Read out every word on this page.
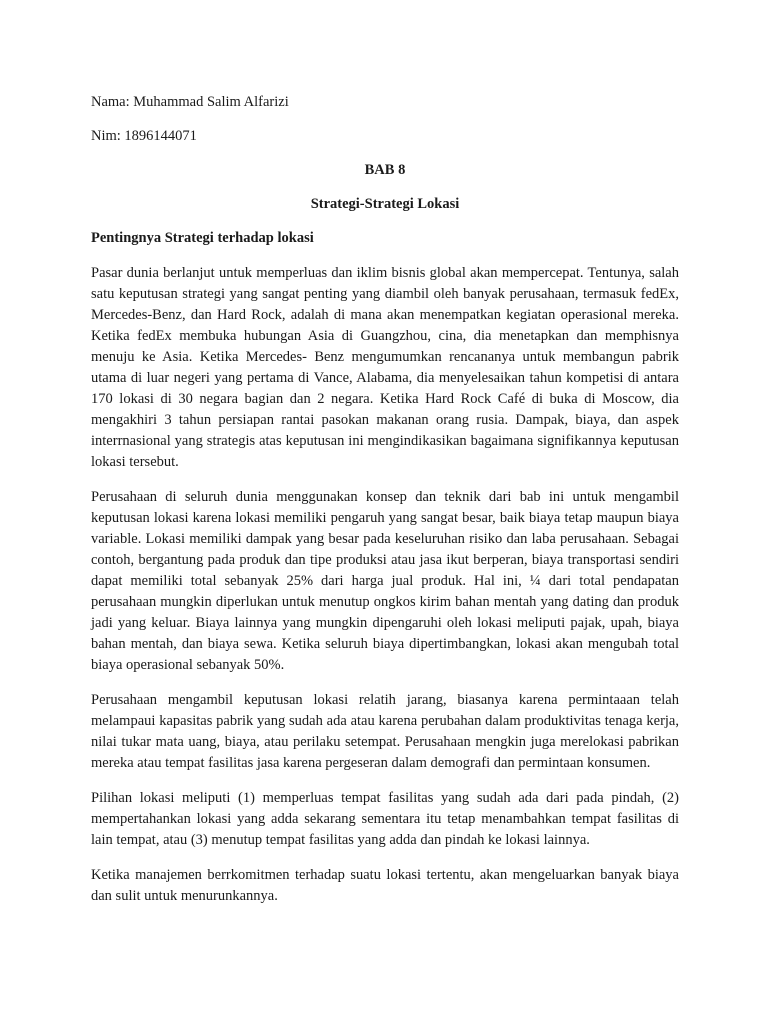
Nama: Muhammad Salim Alfarizi

Nim: 1896144071

BAB 8

Strategi-Strategi Lokasi

Pentingnya Strategi terhadap lokasi

Pasar dunia berlanjut untuk memperluas dan iklim bisnis global akan mempercepat. Tentunya, salah satu keputusan strategi yang sangat penting yang diambil oleh banyak perusahaan, termasuk fedEx, Mercedes-Benz, dan Hard Rock, adalah di mana akan menempatkan kegiatan operasional mereka. Ketika fedEx membuka hubungan Asia di Guangzhou, cina, dia menetapkan dan memphisnya menuju ke Asia. Ketika Mercedes- Benz mengumumkan rencananya untuk membangun pabrik utama di luar negeri yang pertama di Vance, Alabama, dia menyelesaikan tahun kompetisi di antara 170 lokasi di 30 negara bagian dan 2 negara. Ketika Hard Rock Café di buka di Moscow, dia mengakhiri 3 tahun persiapan rantai pasokan makanan orang rusia. Dampak, biaya, dan aspek interrnasional yang strategis atas keputusan ini mengindikasikan bagaimana signifikannya keputusan lokasi tersebut.

Perusahaan di seluruh dunia menggunakan konsep dan teknik dari bab ini untuk mengambil keputusan lokasi karena lokasi memiliki pengaruh yang sangat besar, baik biaya tetap maupun biaya variable. Lokasi memiliki dampak yang besar pada keseluruhan risiko dan laba perusahaan. Sebagai contoh, bergantung pada produk dan tipe produksi atau jasa ikut berperan, biaya transportasi sendiri dapat memiliki total sebanyak 25% dari harga jual produk. Hal ini, ¼ dari total pendapatan perusahaan mungkin diperlukan untuk menutup ongkos kirim bahan mentah yang dating dan produk jadi yang keluar. Biaya lainnya yang mungkin dipengaruhi oleh lokasi meliputi pajak, upah, biaya bahan mentah, dan biaya sewa. Ketika seluruh biaya dipertimbangkan, lokasi akan mengubah total biaya operasional sebanyak 50%.

Perusahaan mengambil keputusan lokasi relatih jarang, biasanya karena permintaaan telah melampaui kapasitas pabrik yang sudah ada atau karena perubahan dalam produktivitas tenaga kerja, nilai tukar mata uang, biaya, atau perilaku setempat. Perusahaan mengkin juga merelokasi pabrikan mereka atau tempat fasilitas jasa karena pergeseran dalam demografi dan permintaan konsumen.

Pilihan lokasi meliputi (1) memperluas tempat fasilitas yang sudah ada dari pada pindah, (2) mempertahankan lokasi yang adda sekarang sementara itu tetap menambahkan tempat fasilitas di lain tempat, atau (3) menutup tempat fasilitas yang adda dan pindah ke lokasi lainnya.

Ketika manajemen berrkomitmen terhadap suatu lokasi tertentu, akan mengeluarkan banyak biaya dan sulit untuk menurunkannya.
